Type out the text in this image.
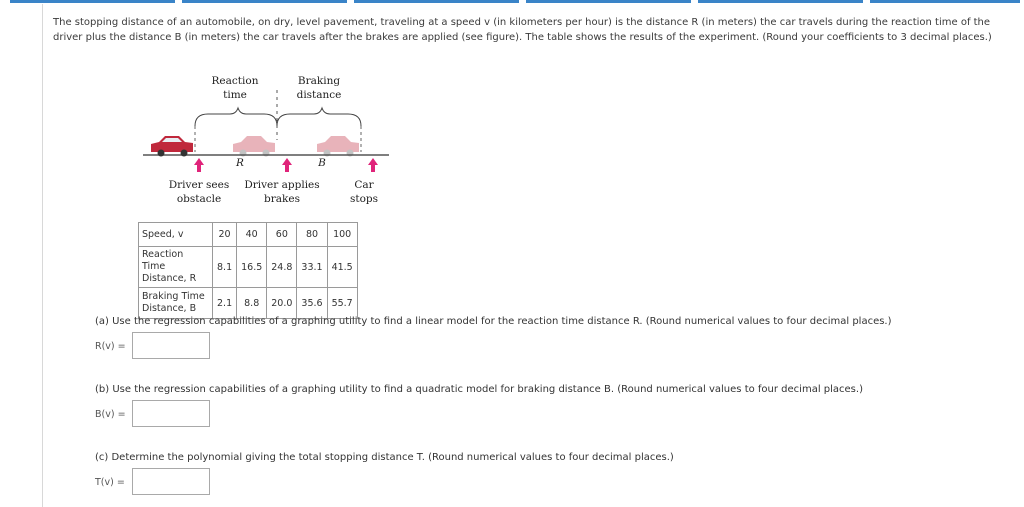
The stopping distance of an automobile, on dry, level pavement, traveling at a speed v (in kilometers per hour) is the distance R (in meters) the car travels during the reaction time of the driver plus the distance B (in meters) the car travels after the brakes are applied (see figure). The table shows the results of the experiment. (Round your coefficients to 3 decimal places.)
Reaction
time
Braking
distance
R	B
Driver sees
obstacle
Driver applies
brakes
Car
stops
Speed, v	20	40	60	80	100

Reaction Time
Distance, R	8.1	16.5	24.8	33.1	41.5

Braking Time
Distance, B	2.1	8.8	20.0	35.6	55.7
(a) Use the regression capabilities of a graphing utility to find a linear model for the reaction time distance R. (Round numerical values to four decimal places.)
R(v) =
(b) Use the regression capabilities of a graphing utility to find a quadratic model for braking distance B. (Round numerical values to four decimal places.)
B(v) =
(c) Determine the polynomial giving the total stopping distance T. (Round numerical values to four decimal places.)
T(v) =
